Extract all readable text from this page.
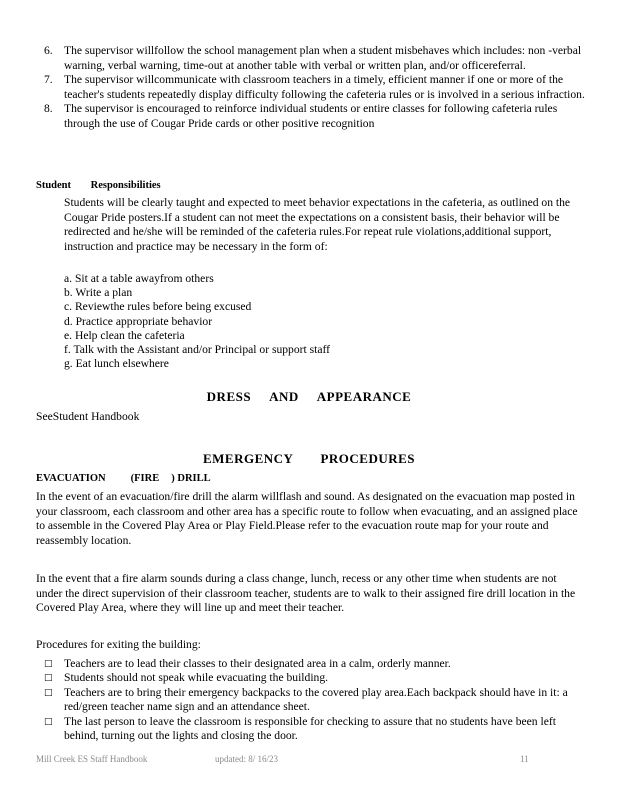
6. The supervisor willfollow the school management plan when a student misbehaves which includes: non -verbal warning, verbal warning, time-out at another table with verbal or written plan, and/or officereferral.
7. The supervisor willcommunicate with classroom teachers in a timely, efficient manner if one or more of the teacher's students repeatedly display difficulty following the cafeteria rules or is involved in a serious infraction.
8. The supervisor is encouraged to reinforce individual students or entire classes for following cafeteria rules through the use of Cougar Pride cards or other positive recognition
Student Responsibilities

Students will be clearly taught and expected to meet behavior expectations in the cafeteria, as outlined on the Cougar Pride posters.If a student can not meet the expectations on a consistent basis, their behavior will be redirected and he/she will be reminded of the cafeteria rules.For repeat rule violations,additional support, instruction and practice may be necessary in the form of:

a. Sit at a table awayfrom others
b. Write a plan
c. Reviewthe rules before being excused
d. Practice appropriate behavior
e. Help clean the cafeteria
f. Talk with the Assistant and/or Principal or support staff
g. Eat lunch elsewhere
DRESS AND APPEARANCE
SeeStudent Handbook
EMERGENCY PROCEDURES
EVACUATION (FIRE ) DRILL

In the event of an evacuation/fire drill the alarm willflash and sound. As designated on the evacuation map posted in your classroom, each classroom and other area has a specific route to follow when evacuating, and an assigned place to assemble in the Covered Play Area or Play Field.Please refer to the evacuation route map for your route and reassembly location.

In the event that a fire alarm sounds during a class change, lunch, recess or any other time when students are not under the direct supervision of their classroom teacher, students are to walk to their assigned fire drill location in the Covered Play Area, where they will line up and meet their teacher.

Procedures for exiting the building:
□ Teachers are to lead their classes to their designated area in a calm, orderly manner.
□ Students should not speak while evacuating the building.
□ Teachers are to bring their emergency backpacks to the covered play area.Each backpack should have in it: a red/green teacher name sign and an attendance sheet.
□ The last person to leave the classroom is responsible for checking to assure that no students have been left behind, turning out the lights and closing the door.
Mill Creek ES Staff Handbook	updated: 8/ 16/23	11
